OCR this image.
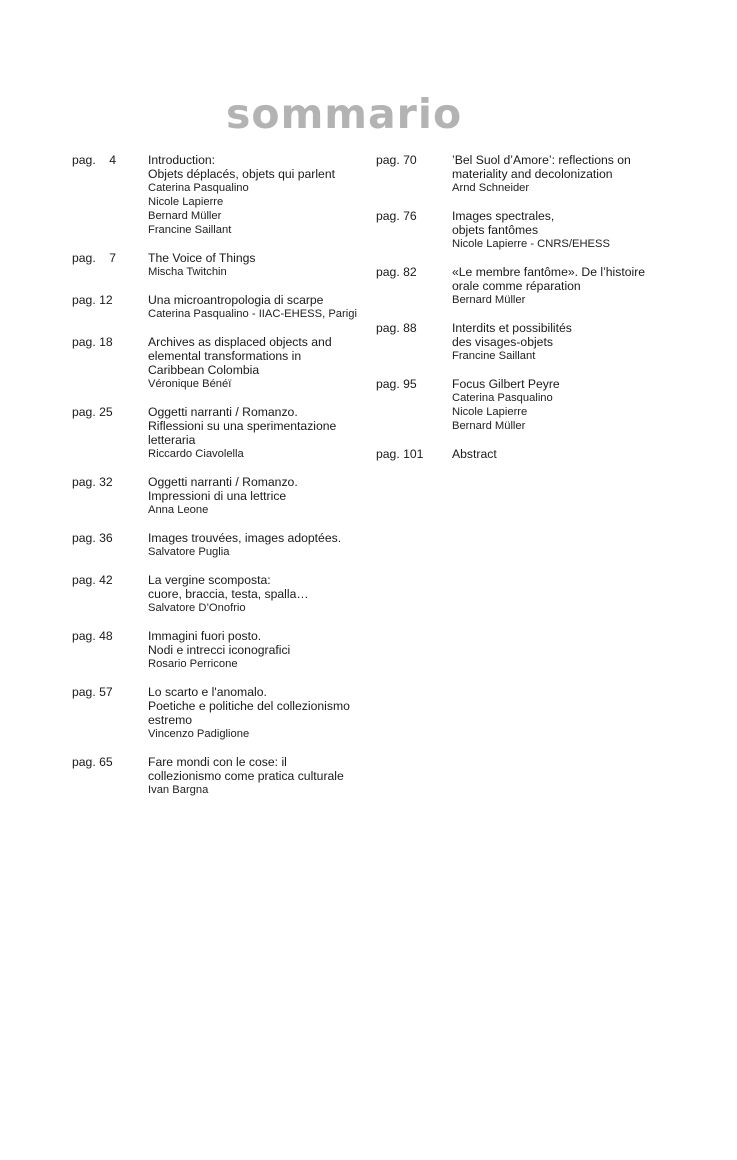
sommario
pag.    4	Introduction:
Objets déplacés, objets qui parlent
Caterina Pasqualino
Nicole Lapierre
Bernard Müller
Francine Saillant
pag.    7	The Voice of Things
Mischa Twitchin
pag. 12	Una microantropologia di scarpe
Caterina Pasqualino - IIAC-EHESS, Parigi
pag. 18	Archives as displaced objects and
elemental transformations in
Caribbean Colombia
Véronique Bénéï
pag. 25	Oggetti narranti / Romanzo.
Riflessioni su una sperimentazione
letteraria
Riccardo Ciavolella
pag. 32	Oggetti narranti / Romanzo.
Impressioni di una lettrice
Anna Leone
pag. 36	Images trouvées, images adoptées.
Salvatore Puglia
pag. 42	La vergine scomposta:
cuore, braccia, testa, spalla…
Salvatore D’Onofrio
pag. 48	Immagini fuori posto.
Nodi e intrecci iconografici
Rosario Perricone
pag. 57	Lo scarto e l'anomalo.
Poetiche e politiche del collezionismo
estremo
Vincenzo Padiglione
pag. 65	Fare mondi con le cose: il
collezionismo come pratica culturale
Ivan Bargna
pag. 70	’Bel Suol d’Amore’: reflections on
materiality and decolonization
Arnd Schneider
pag. 76	Images spectrales,
objets fantômes
Nicole Lapierre - CNRS/EHESS
pag. 82	«Le membre fantôme». De l’histoire
orale comme réparation
Bernard Müller
pag. 88	Interdits et possibilités
des visages-objets
Francine Saillant
pag. 95	Focus Gilbert Peyre
Caterina Pasqualino
Nicole Lapierre
Bernard Müller
pag. 101	Abstract
